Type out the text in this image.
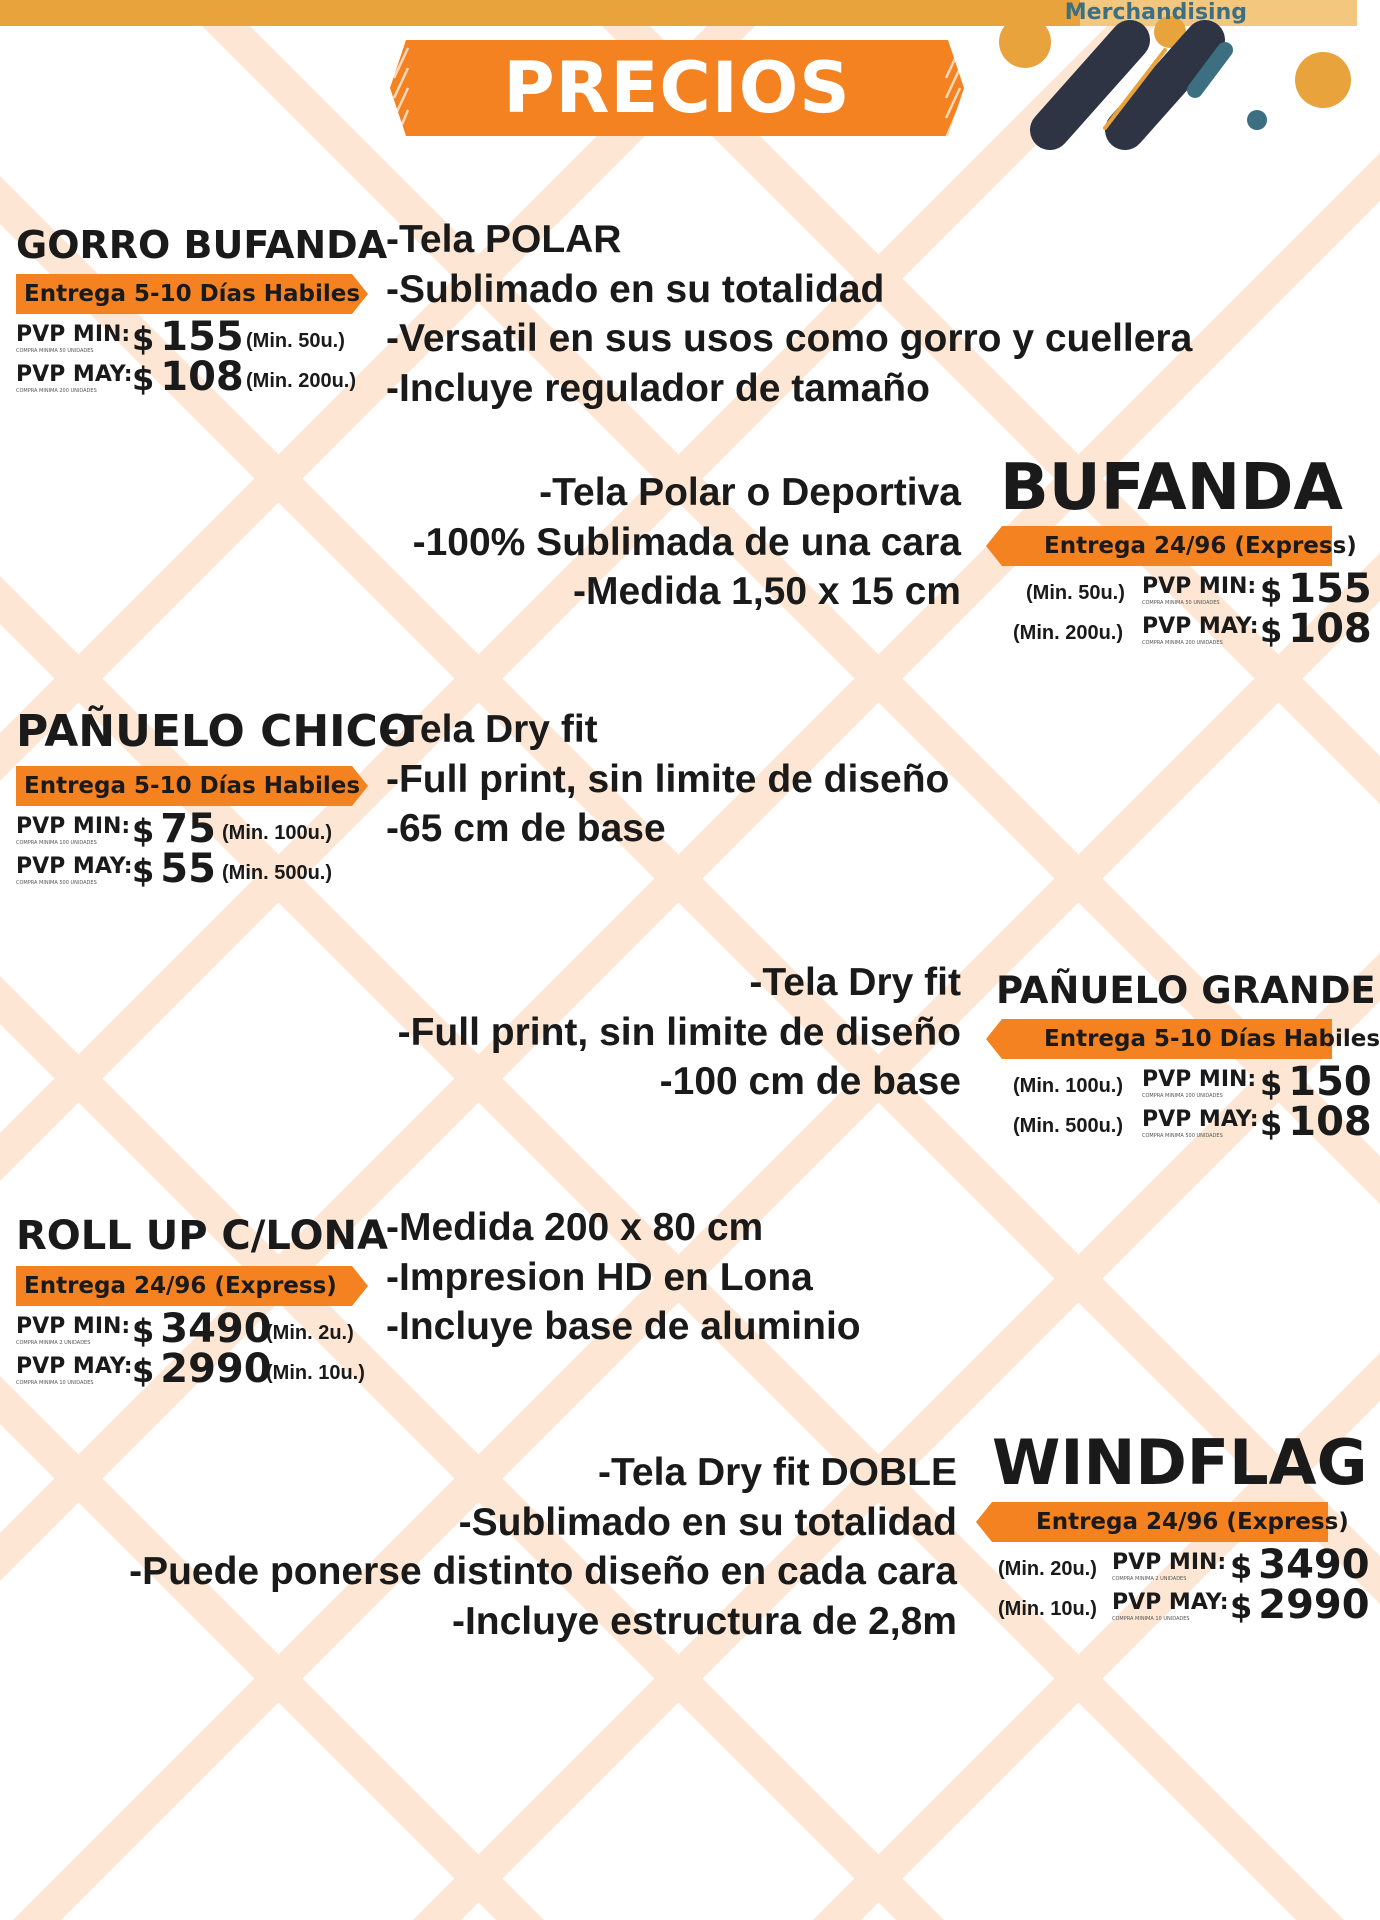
Merchandising
PRECIOS
GORRO BUFANDA
Entrega 5-10 Días Habiles
PVP MIN:
COMPRA MINIMA 50 UNIDADES	$ 155 (Min. 50u.)
PVP MAY:
COMPRA MINIMA 200 UNIDADES	$ 108 (Min. 200u.)
-Tela POLAR
-Sublimado en su totalidad
-Versatil en sus usos como gorro y cuellera
-Incluye regulador de tamaño
-Tela Polar o Deportiva
-100% Sublimada de una cara
-Medida 1,50 x 15 cm
BUFANDA
Entrega 24/96 (Express)
(Min. 50u.) PVP MIN:
COMPRA MINIMA 50 UNIDADES	$ 155
(Min. 200u.) PVP MAY:
COMPRA MINIMA 200 UNIDADES	$ 108
PAÑUELO CHICO
Entrega 5-10 Días Habiles
PVP MIN:
COMPRA MINIMA 100 UNIDADES	$ 75 (Min. 100u.)
PVP MAY:
COMPRA MINIMA 500 UNIDADES	$ 55 (Min. 500u.)
-Tela Dry fit
-Full print, sin limite de diseño
-65 cm de base
-Tela Dry fit
-Full print, sin limite de diseño
-100 cm de base
PAÑUELO GRANDE
Entrega 5-10 Días Habiles
(Min. 100u.) PVP MIN:
COMPRA MINIMA 100 UNIDADES	$ 150
(Min. 500u.) PVP MAY:
COMPRA MINIMA 500 UNIDADES	$ 108
ROLL UP C/LONA
Entrega 24/96 (Express)
PVP MIN:
COMPRA MINIMA 2 UNIDADES	$ 3490
(Min. 2u.)
PVP MAY:
COMPRA MINIMA 10 UNIDADES	$ 2990
(Min. 10u.)
-Medida 200 x 80 cm
-Impresion HD en Lona
-Incluye base de aluminio
-Tela Dry fit DOBLE
-Sublimado en su totalidad
-Puede ponerse distinto diseño en cada cara
-Incluye estructura de 2,8m
WINDFLAG
Entrega 24/96 (Express)
(Min. 20u.) PVP MIN:
COMPRA MINIMA 2 UNIDADES	$ 3490
(Min. 10u.) PVP MAY:
COMPRA MINIMA 10 UNIDADES	$ 2990
